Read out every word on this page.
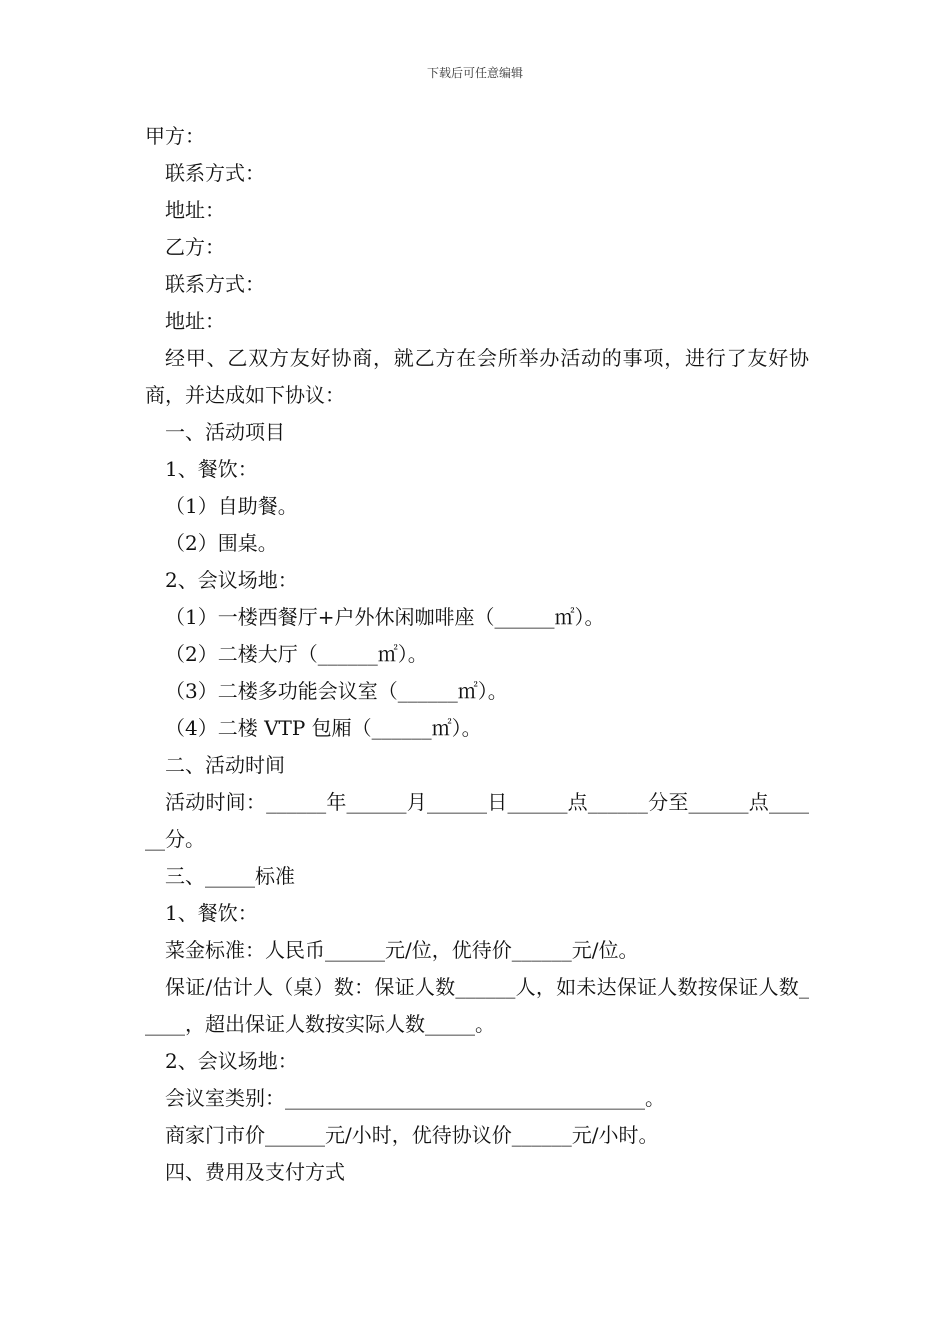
下载后可任意编辑
甲方：
联系方式：
地址：
乙方：
联系方式：
地址：
经甲、乙双方友好协商，就乙方在会所举办活动的事项，进行了友好协商，并达成如下协议：
一、活动项目
1、餐饮：
（1）自助餐。
（2）围桌。
2、会议场地：
（1）一楼西餐厅+户外休闲咖啡座（______㎡）。
（2）二楼大厅（______㎡）。
（3）二楼多功能会议室（______㎡）。
（4）二楼 VTP 包厢（______㎡）。
二、活动时间
活动时间：______年______月______日______点______分至______点______分。
三、_____标准
1、餐饮：
菜金标准：人民币______元/位，优待价______元/位。
保证/估计人（桌）数：保证人数______人，如未达保证人数按保证人数_____，超出保证人数按实际人数_____。
2、会议场地：
会议室类别：____________________________________。
商家门市价______元/小时，优待协议价______元/小时。
四、费用及支付方式
